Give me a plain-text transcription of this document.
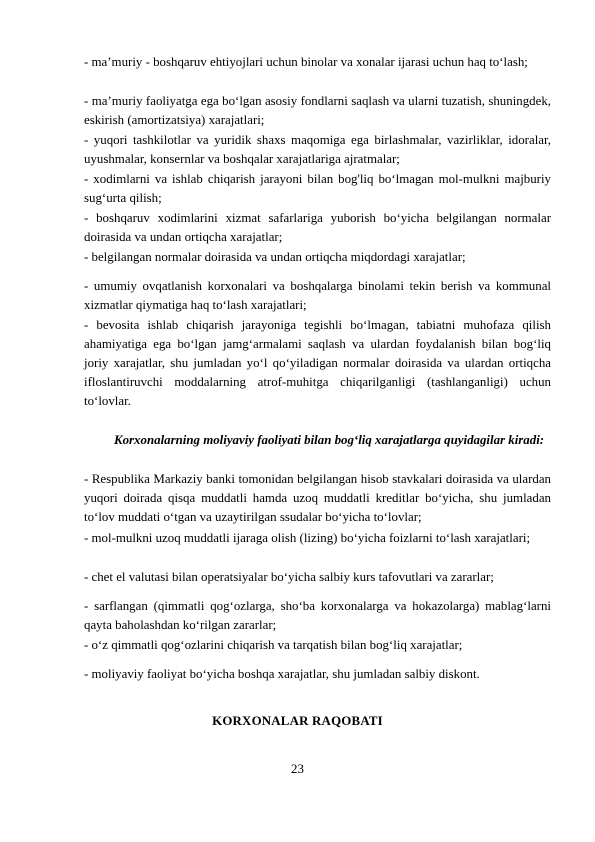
- ma’muriy - boshqaruv ehtiyojlari uchun binolar va xonalar ijarasi uchun haq to‘lash;

- ma’muriy faoliyatga ega bo‘lgan asosiy fondlarni saqlash va ularni tuzatish, shuningdek, eskirish (amortizatsiya) xarajatlari;

- yuqori tashkilotlar va yuridik shaxs maqomiga ega birlashmalar, vazirliklar, idoralar, uyushmalar, konsernlar va boshqalar xarajatlariga ajratmalar;

- xodimlarni va ishlab chiqarish jarayoni bilan bog'liq bo‘lmagan mol-mulkni majburiy sug‘urta qilish;

- boshqaruv xodimlarini xizmat safarlariga yuborish bo‘yicha belgilangan normalar doirasida va undan ortiqcha xarajatlar;

- belgilangan normalar doirasida va undan ortiqcha miqdordagi xarajatlar;

- umumiy ovqatlanish korxonalari va boshqalarga binolami tekin berish va kommunal xizmatlar qiymatiga haq to‘lash xarajatlari;

- bevosita ishlab chiqarish jarayoniga tegishli bo‘lmagan, tabiatni muhofaza qilish ahamiyatiga ega bo‘lgan jamg‘armalami saqlash va ulardan foydalanish bilan bog‘liq joriy xarajatlar, shu jumladan yo‘l qo‘yiladigan normalar doirasida va ulardan ortiqcha ifloslantiruvchi moddalarning atrof-muhitga chiqarilganligi (tashlanganligi) uchun to‘lovlar.

Korxonalarning moliyaviy faoliyati bilan bog‘liq xarajatlarga quyidagilar kiradi:

- Respublika Markaziy banki tomonidan belgilangan hisob stavkalari doirasida va ulardan yuqori doirada qisqa muddatli hamda uzoq muddatli kreditlar bo‘yicha, shu jumladan to‘lov muddati o‘tgan va uzaytirilgan ssudalar bo‘yicha to‘lovlar;

- mol-mulkni uzoq muddatli ijaraga olish (lizing) bo‘yicha foizlarni to‘lash xarajatlari;

- chet el valutasi bilan operatsiyalar bo‘yicha salbiy kurs tafovutlari va zararlar;

- sarflangan (qimmatli qog‘ozlarga, sho‘ba korxonalarga va hokazolarga) mablag‘larni qayta baholashdan ko‘rilgan zararlar;

- o‘z qimmatli qog‘ozlarini chiqarish va tarqatish bilan bog‘liq xarajatlar;

- moliyaviy faoliyat bo‘yicha boshqa xarajatlar, shu jumladan salbiy diskont.

KORXONALAR RAQOBATI
23
